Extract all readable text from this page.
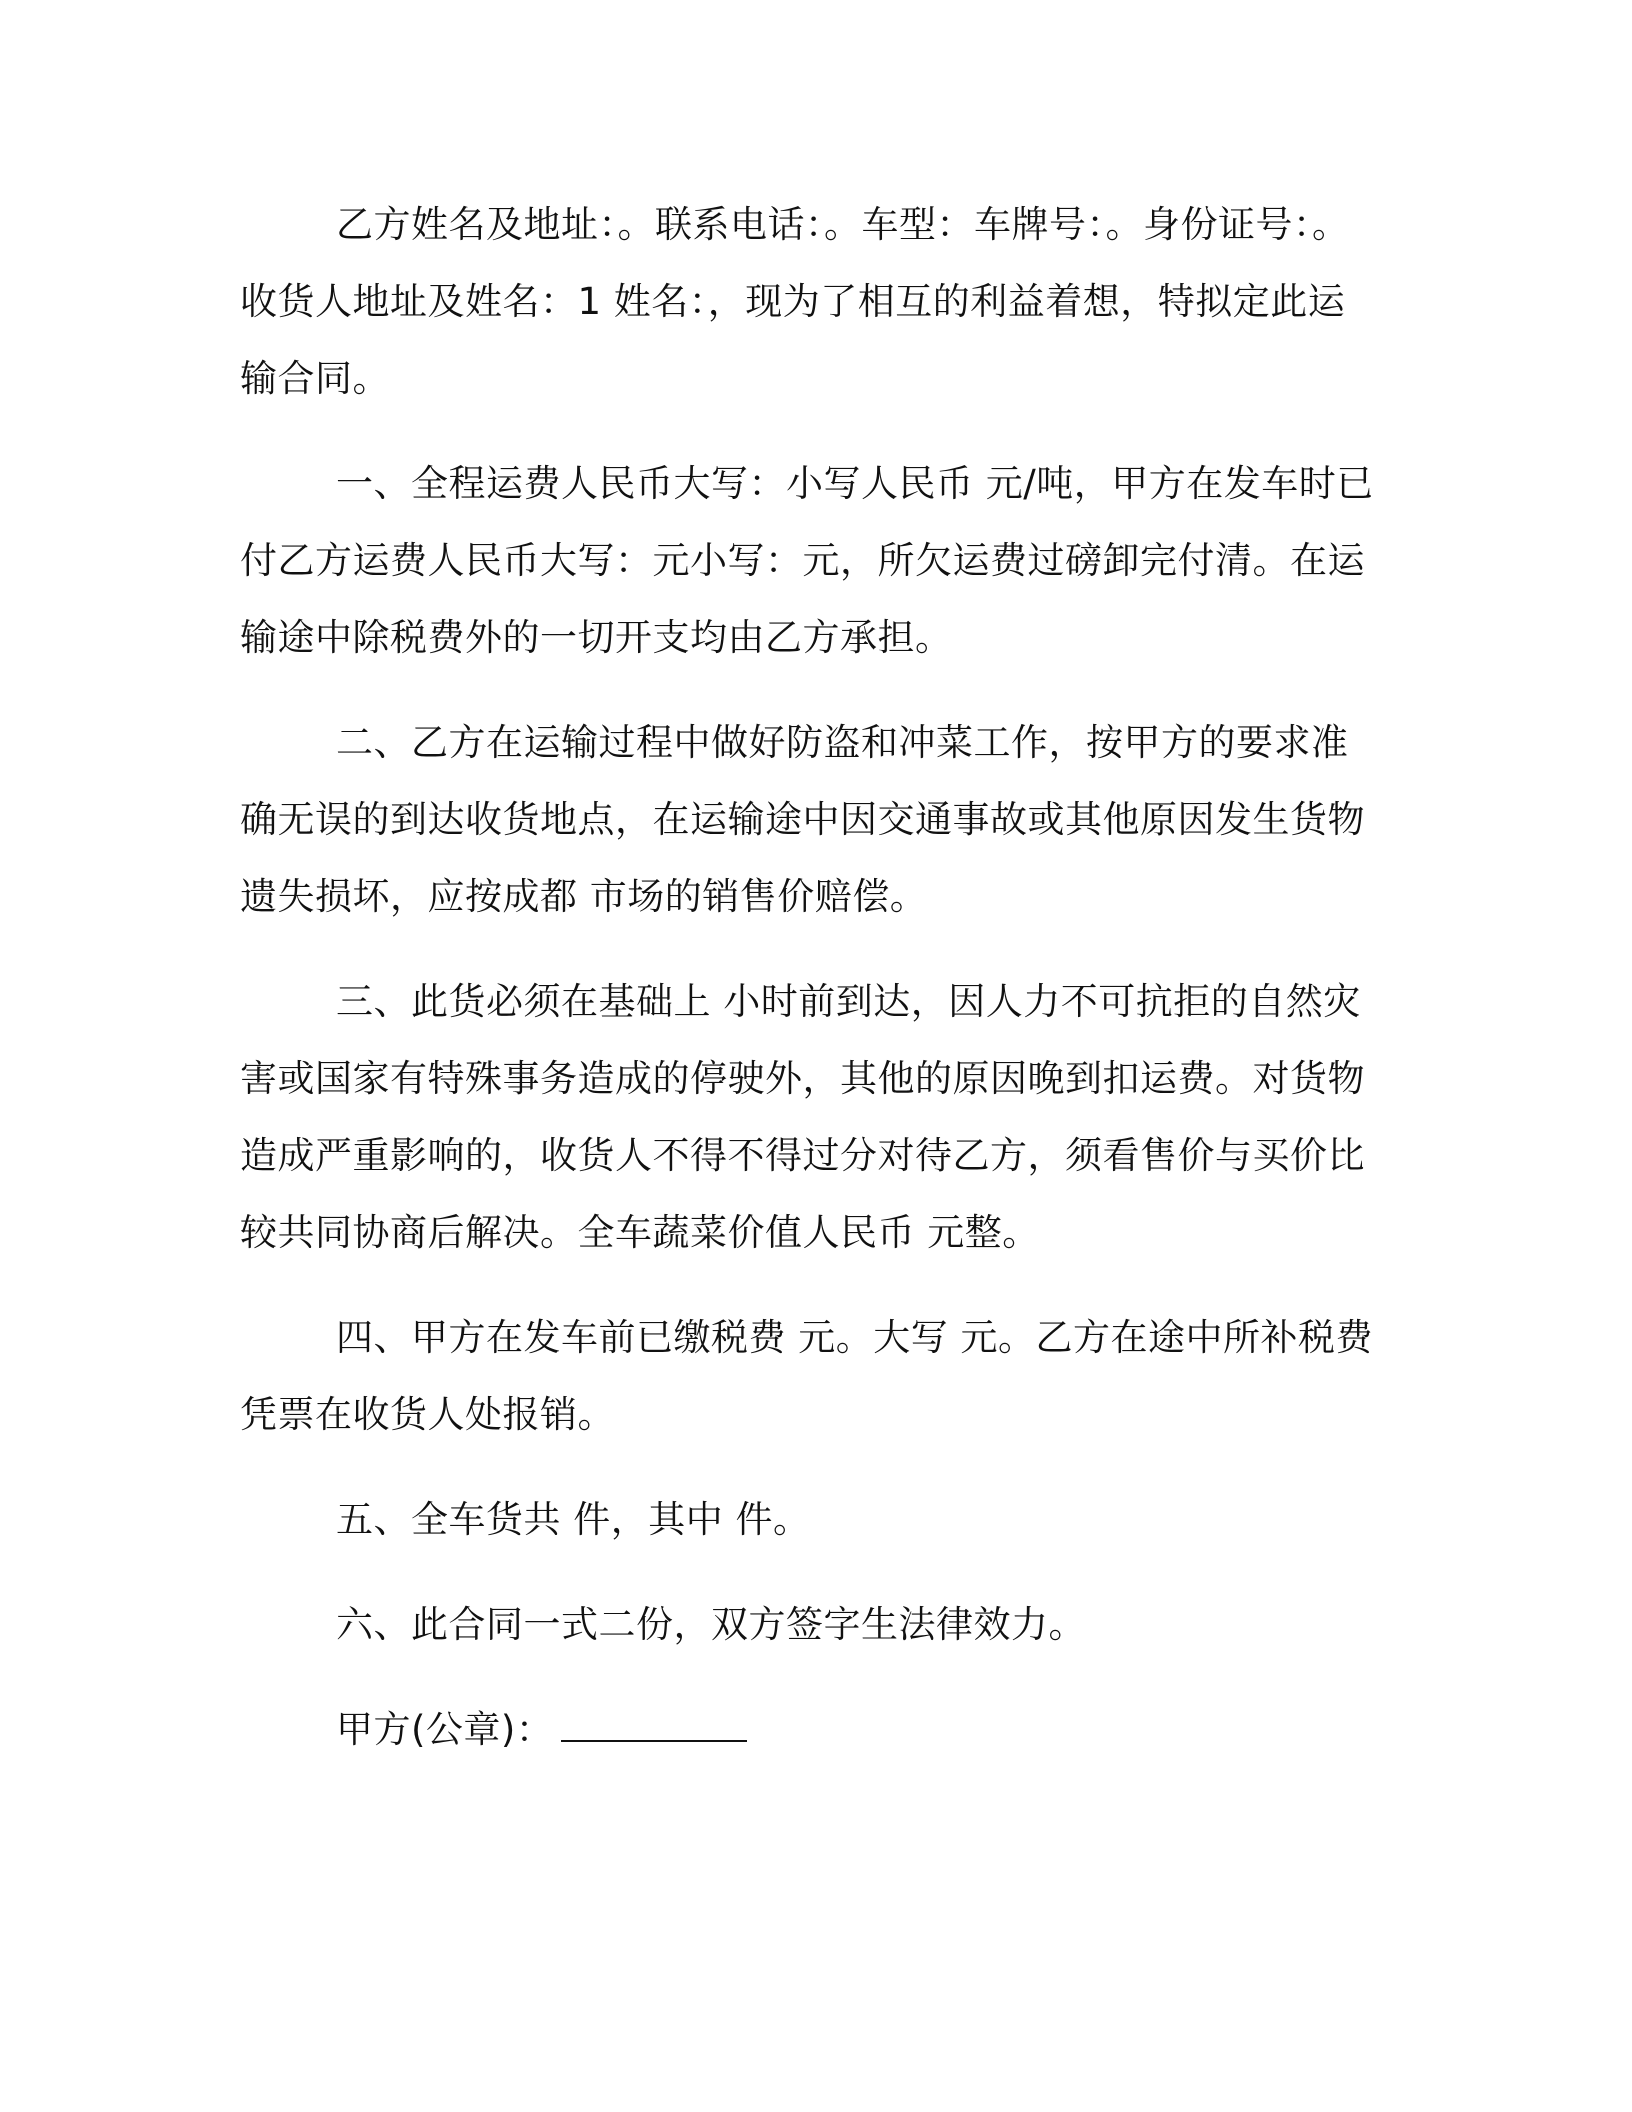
乙方姓名及地址：。联系电话：。车型：车牌号：。身份证号：。收货人地址及姓名：1 姓名：，现为了相互的利益着想，特拟定此运输合同。

一、全程运费人民币大写：小写人民币 元/吨，甲方在发车时已付乙方运费人民币大写：元小写：元，所欠运费过磅卸完付清。在运输途中除税费外的一切开支均由乙方承担。

二、乙方在运输过程中做好防盗和冲菜工作，按甲方的要求准确无误的到达收货地点，在运输途中因交通事故或其他原因发生货物遗失损坏，应按成都 市场的销售价赔偿。

三、此货必须在基础上 小时前到达，因人力不可抗拒的自然灾害或国家有特殊事务造成的停驶外，其他的原因晚到扣运费。对货物造成严重影响的，收货人不得不得过分对待乙方，须看售价与买价比较共同协商后解决。全车蔬菜价值人民币 元整。

四、甲方在发车前已缴税费 元。大写 元。乙方在途中所补税费凭票在收货人处报销。

五、全车货共 件，其中 件。

六、此合同一式二份，双方签字生法律效力。

甲方(公章)：
